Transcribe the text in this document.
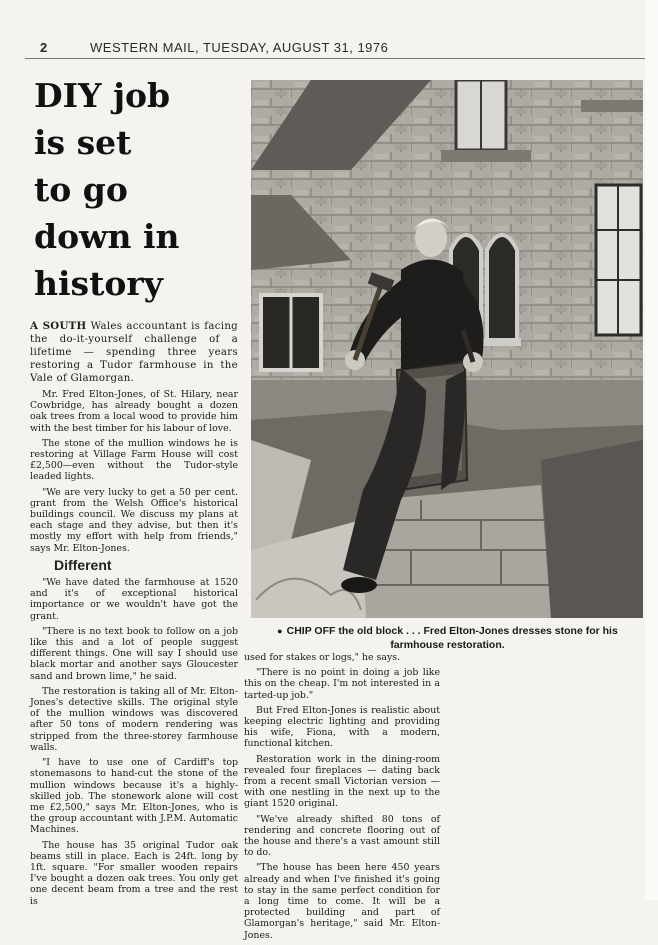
2	WESTERN MAIL, TUESDAY, AUGUST 31, 1976
DIY job
is set
to go
down in
history
● CHIP OFF the old block . . . Fred Elton-Jones dresses stone for his farmhouse restoration.

A SOUTH Wales accountant is facing the do-it-yourself challenge of a lifetime — spending three years restoring a Tudor farmhouse in the Vale of Glamorgan.

Mr. Fred Elton-Jones, of St. Hilary, near Cowbridge, has already bought a dozen oak trees from a local wood to provide him with the best timber for his labour of love.

The stone of the mullion windows he is restoring at Village Farm House will cost £2,500—even without the Tudor-style leaded lights.

"We are very lucky to get a 50 per cent. grant from the Welsh Office's historical buildings council. We discuss my plans at each stage and they advise, but then it's mostly my effort with help from friends," says Mr. Elton-Jones.

Different

"We have dated the farmhouse at 1520 and it's of exceptional historical importance or we wouldn't have got the grant.

"There is no text book to follow on a job like this and a lot of people suggest different things. One will say I should use black mortar and another says Gloucester sand and brown lime," he said.

The restoration is taking all of Mr. Elton-Jones's detective skills. The original style of the mullion windows was discovered after 50 tons of modern rendering was stripped from the three-storey farmhouse walls.

"I have to use one of Cardiff's top stonemasons to hand-cut the stone of the mullion windows because it's a highly-skilled job. The stonework alone will cost me £2,500," says Mr. Elton-Jones, who is the group accountant with J.P.M. Automatic Machines.

The house has 35 original Tudor oak beams still in place. Each is 24ft. long by 1ft. square. "For smaller wooden repairs I've bought a dozen oak trees. You only get one decent beam from a tree and the rest is

used for stakes or logs," he says.

"There is no point in doing a job like this on the cheap. I'm not interested in a tarted-up job."

But Fred Elton-Jones is realistic about keeping electric lighting and providing his wife, Fiona, with a modern, functional kitchen.

Restoration work in the dining-room revealed four fireplaces — dating back from a recent small Victorian version — with one nestling in the next up to the giant 1520 original.

"We've already shifted 80 tons of rendering and concrete flooring out of the house and there's a vast amount still to do.

"The house has been here 450 years already and when I've finished it's going to stay in the same perfect condition for a long time to come. It will be a protected building and part of Glamorgan's heritage," said Mr. Elton-Jones.
